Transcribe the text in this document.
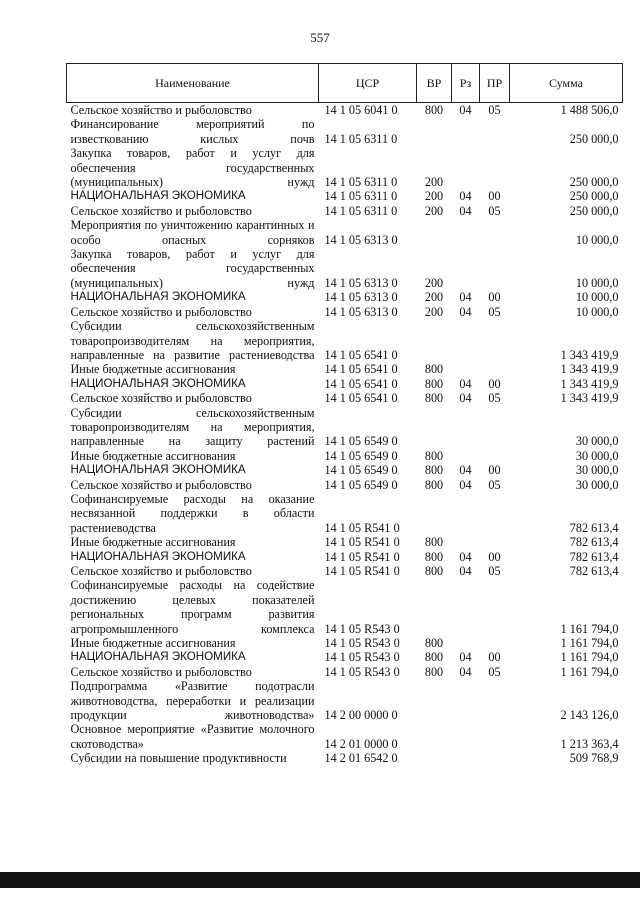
557
Наименование	ЦСР	ВР	Рз	ПР	Сумма
Сельское хозяйство и рыболовство	14 1 05 6041 0	800	04	05	1 488 506,0
Финансирование мероприятий по известкованию кислых почв	14 1 05 6311 0				250 000,0
Закупка товаров, работ и услуг для обеспечения государственных (муниципальных) нужд	14 1 05 6311 0	200			250 000,0
НАЦИОНАЛЬНАЯ ЭКОНОМИКА	14 1 05 6311 0	200	04	00	250 000,0
Сельское хозяйство и рыболовство	14 1 05 6311 0	200	04	05	250 000,0
Мероприятия по уничтожению карантинных и особо опасных сорняков	14 1 05 6313 0				10 000,0
Закупка товаров, работ и услуг для обеспечения государственных (муниципальных) нужд	14 1 05 6313 0	200			10 000,0
НАЦИОНАЛЬНАЯ ЭКОНОМИКА	14 1 05 6313 0	200	04	00	10 000,0
Сельское хозяйство и рыболовство	14 1 05 6313 0	200	04	05	10 000,0
Субсидии сельскохозяйственным товаропроизводителям на мероприятия, направленные на развитие растениеводства	14 1 05 6541 0				1 343 419,9
Иные бюджетные ассигнования	14 1 05 6541 0	800			1 343 419,9
НАЦИОНАЛЬНАЯ ЭКОНОМИКА	14 1 05 6541 0	800	04	00	1 343 419,9
Сельское хозяйство и рыболовство	14 1 05 6541 0	800	04	05	1 343 419,9
Субсидии сельскохозяйственным товаропроизводителям на мероприятия, направленные на защиту растений	14 1 05 6549 0				30 000,0
Иные бюджетные ассигнования	14 1 05 6549 0	800			30 000,0
НАЦИОНАЛЬНАЯ ЭКОНОМИКА	14 1 05 6549 0	800	04	00	30 000,0
Сельское хозяйство и рыболовство	14 1 05 6549 0	800	04	05	30 000,0
Софинансируемые расходы на оказание несвязанной поддержки в области растениеводства	14 1 05 R541 0				782 613,4
Иные бюджетные ассигнования	14 1 05 R541 0	800			782 613,4
НАЦИОНАЛЬНАЯ ЭКОНОМИКА	14 1 05 R541 0	800	04	00	782 613,4
Сельское хозяйство и рыболовство	14 1 05 R541 0	800	04	05	782 613,4
Софинансируемые расходы на содействие достижению целевых показателей региональных программ развития агропромышленного комплекса	14 1 05 R543 0				1 161 794,0
Иные бюджетные ассигнования	14 1 05 R543 0	800			1 161 794,0
НАЦИОНАЛЬНАЯ ЭКОНОМИКА	14 1 05 R543 0	800	04	00	1 161 794,0
Сельское хозяйство и рыболовство	14 1 05 R543 0	800	04	05	1 161 794,0
Подпрограмма «Развитие подотрасли животноводства, переработки и реализации продукции животноводства»	14 2 00 0000 0				2 143 126,0
Основное мероприятие «Развитие молочного скотоводства»	14 2 01 0000 0				1 213 363,4
Субсидии на повышение продуктивности	14 2 01 6542 0				509 768,9
